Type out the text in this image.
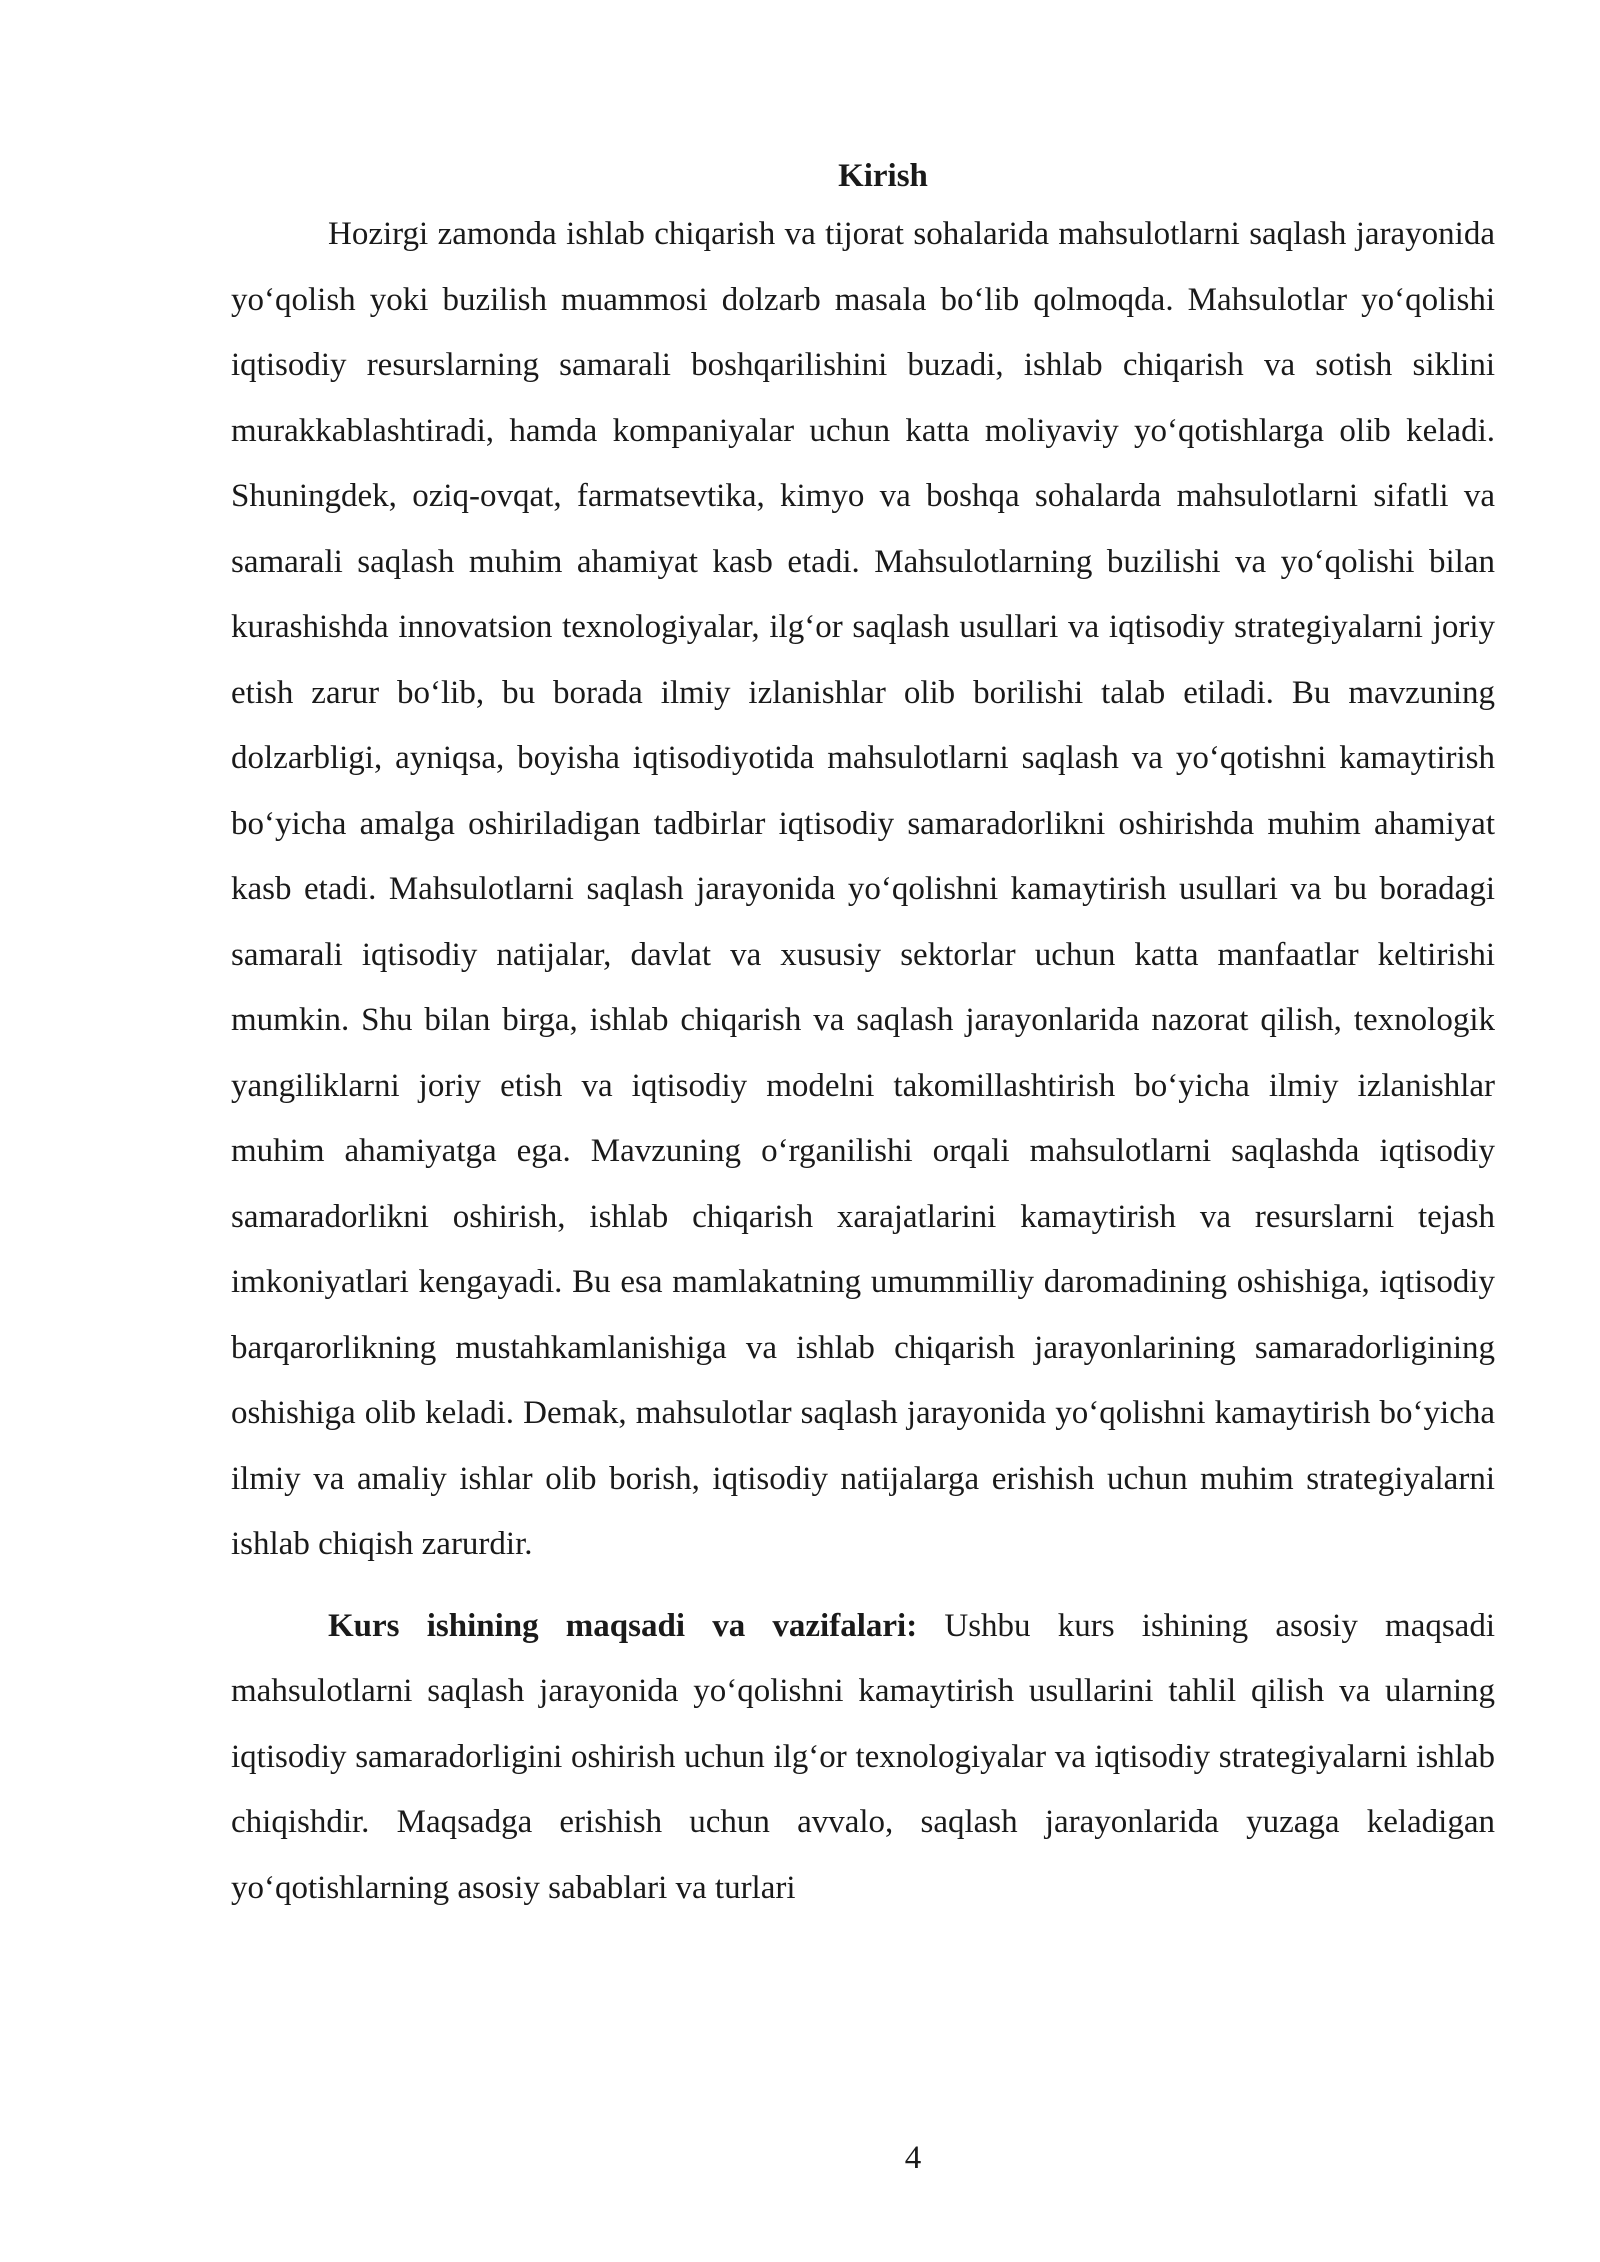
Kirish

Hozirgi zamonda ishlab chiqarish va tijorat sohalarida mahsulotlarni saqlash jarayonida yo‘qolish yoki buzilish muammosi dolzarb masala bo‘lib qolmoqda. Mahsulotlar yo‘qolishi iqtisodiy resurslarning samarali boshqarilishini buzadi, ishlab chiqarish va sotish siklini murakkablashtiradi, hamda kompaniyalar uchun katta moliyaviy yo‘qotishlarga olib keladi. Shuningdek, oziq-ovqat, farmatsevtika, kimyo va boshqa sohalarda mahsulotlarni sifatli va samarali saqlash muhim ahamiyat kasb etadi. Mahsulotlarning buzilishi va yo‘qolishi bilan kurashishda innovatsion texnologiyalar, ilg‘or saqlash usullari va iqtisodiy strategiyalarni joriy etish zarur bo‘lib, bu borada ilmiy izlanishlar olib borilishi talab etiladi. Bu mavzuning dolzarbligi, ayniqsa, boyisha iqtisodiyotida mahsulotlarni saqlash va yo‘qotishni kamaytirish bo‘yicha amalga oshiriladigan tadbirlar iqtisodiy samaradorlikni oshirishda muhim ahamiyat kasb etadi. Mahsulotlarni saqlash jarayonida yo‘qolishni kamaytirish usullari va bu boradagi samarali iqtisodiy natijalar, davlat va xususiy sektorlar uchun katta manfaatlar keltirishi mumkin. Shu bilan birga, ishlab chiqarish va saqlash jarayonlarida nazorat qilish, texnologik yangiliklarni joriy etish va iqtisodiy modelni takomillashtirish bo‘yicha ilmiy izlanishlar muhim ahamiyatga ega. Mavzuning o‘rganilishi orqali mahsulotlarni saqlashda iqtisodiy samaradorlikni oshirish, ishlab chiqarish xarajatlarini kamaytirish va resurslarni tejash imkoniyatlari kengayadi. Bu esa mamlakatning umummilliy daromadining oshishiga, iqtisodiy barqarorlikning mustahkamlanishiga va ishlab chiqarish jarayonlarining samaradorligining oshishiga olib keladi. Demak, mahsulotlar saqlash jarayonida yo‘qolishni kamaytirish bo‘yicha ilmiy va amaliy ishlar olib borish, iqtisodiy natijalarga erishish uchun muhim strategiyalarni ishlab chiqish zarurdir.

Kurs ishining maqsadi va vazifalari: Ushbu kurs ishining asosiy maqsadi mahsulotlarni saqlash jarayonida yo‘qolishni kamaytirish usullarini tahlil qilish va ularning iqtisodiy samaradorligini oshirish uchun ilg‘or texnologiyalar va iqtisodiy strategiyalarni ishlab chiqishdir. Maqsadga erishish uchun avvalo, saqlash jarayonlarida yuzaga keladigan yo‘qotishlarning asosiy sabablari va turlari

4
